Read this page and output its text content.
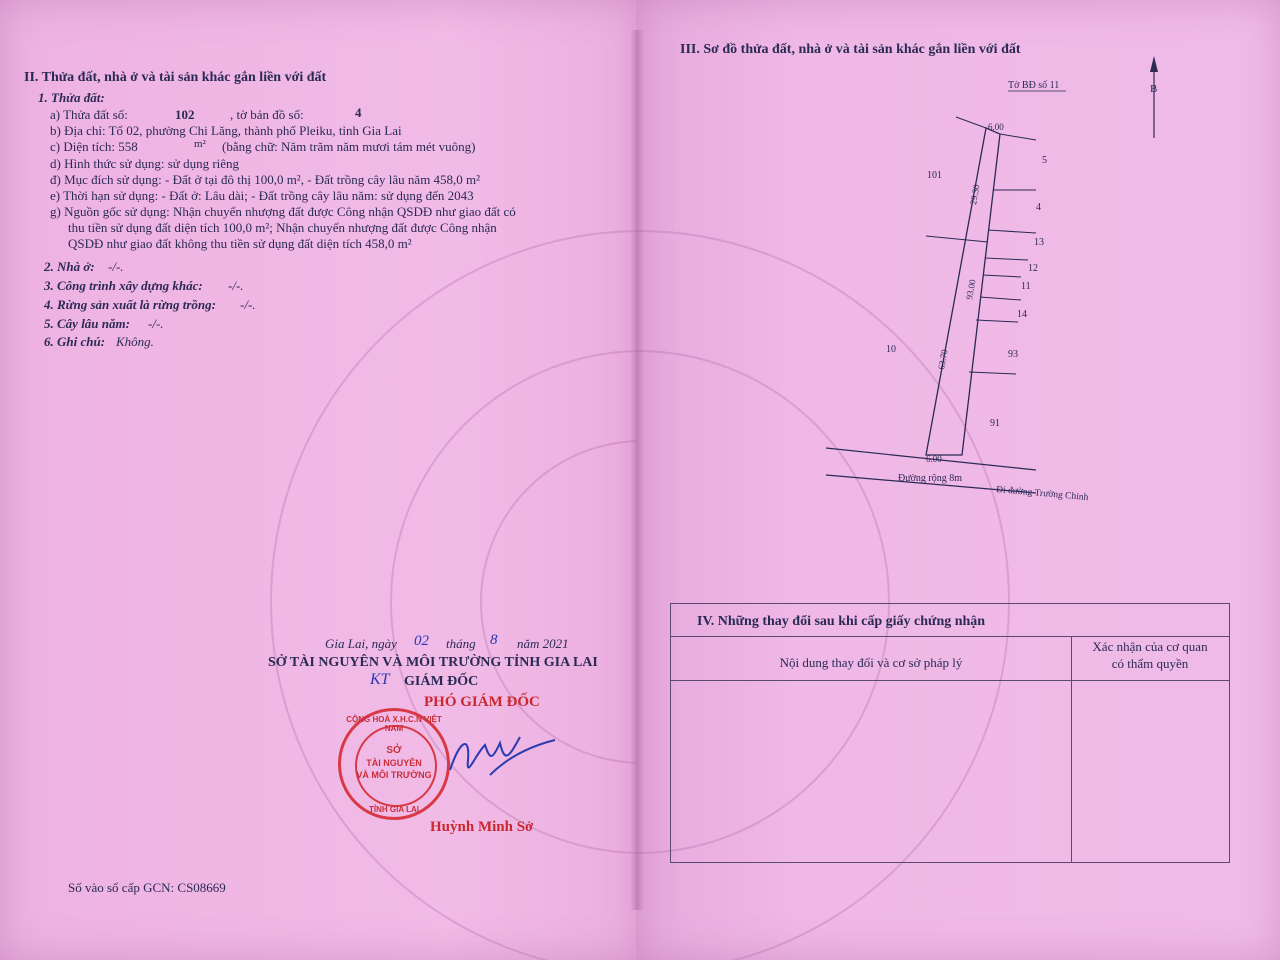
II. Thửa đất, nhà ở và tài sản khác gắn liền với đất
1. Thửa đất:
a) Thửa đất số:	102	, tờ bản đồ số:	4
b) Địa chỉ: Tổ 02, phường Chi Lăng, thành phố Pleiku, tỉnh Gia Lai
c) Diện tích: 558	m² (bằng chữ: Năm trăm năm mươi tám mét vuông)
d) Hình thức sử dụng: sử dụng riêng
đ) Mục đích sử dụng: - Đất ở tại đô thị 100,0 m², - Đất trồng cây lâu năm 458,0 m²
e) Thời hạn sử dụng: - Đất ở: Lâu dài; - Đất trồng cây lâu năm: sử dụng đến 2043
g) Nguồn gốc sử dụng: Nhận chuyển nhượng đất được Công nhận QSDĐ như giao đất có
thu tiền sử dụng đất diện tích 100,0 m²; Nhận chuyển nhượng đất được Công nhận
QSDĐ như giao đất không thu tiền sử dụng đất diện tích 458,0 m²
2. Nhà ở: -/-.
3. Công trình xây dựng khác: -/-.
4. Rừng sản xuất là rừng trồng: -/-.
5. Cây lâu năm: -/-.
6. Ghi chú: Không.
Gia Lai, ngày 02 tháng 8 năm 2021
SỞ TÀI NGUYÊN VÀ MÔI TRƯỜNG TỈNH GIA LAI
KT GIÁM ĐỐC
PHÓ GIÁM ĐỐC
CỘNG HOÀ X.H.C.N VIỆT NAM
SỞ
TÀI NGUYÊN
VÀ MÔI TRƯỜNG
TỈNH GIA LAI
Huỳnh Minh Sở
Số vào sổ cấp GCN: CS08669
III. Sơ đồ thửa đất, nhà ở và tài sản khác gắn liền với đất
B
Tờ BĐ số 11
6.00
29.30
93.00
63.70
6.00
101
5
4
13
12
11
14
10	93
91
Đường rộng 8m
Đi đường Trường Chinh
IV. Những thay đổi sau khi cấp giấy chứng nhận
Nội dung thay đổi và cơ sở pháp lý
Xác nhận của cơ quan
có thẩm quyền
